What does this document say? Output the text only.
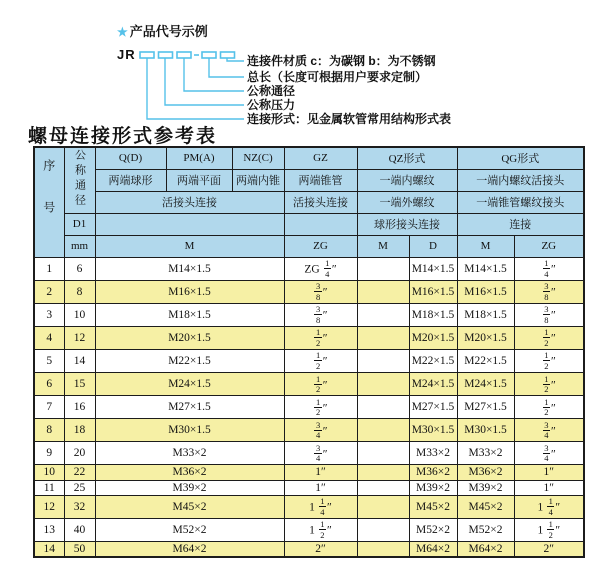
★ 产品代号示例
JR	连接件材质 c：为碳钢 b：为不锈钢
总长（长度可根据用户要求定制）
公称通径
公称压力
连接形式：见金属软管常用结构形式表
螺母连接形式参考表
序号	公称通径	Q(D)	PM(A)	NZ(C)	GZ	QZ形式		QG形式	
		两端球形	两端平面	两端内锥	两端锥管	一端内螺纹		一端内螺纹活接头	
		活接头连接			活接头连接	一端外螺纹		一端锥管螺纹接头	
	D1					球形接头连接		连接	
	mm	M			ZG	M	D	M	ZG
1	6	M14×1.5			ZG $\frac{1}{4}$ ″		M14×1.5	M14×1.5	$\frac{1}{4}$ ″
2	8	M16×1.5			$\frac{3}{8}$ ″		M16×1.5	M16×1.5	$\frac{3}{8}$ ″
3	10	M18×1.5			$\frac{3}{8}$ ″		M18×1.5	M18×1.5	$\frac{3}{8}$ ″
4	12	M20×1.5			$\frac{1}{2}$ ″		M20×1.5	M20×1.5	$\frac{1}{2}$ ″
5	14	M22×1.5			$\frac{1}{2}$ ″		M22×1.5	M22×1.5	$\frac{1}{2}$ ″
6	15	M24×1.5			$\frac{1}{2}$ ″		M24×1.5	M24×1.5	$\frac{1}{2}$ ″
7	16	M27×1.5			$\frac{1}{2}$ ″		M27×1.5	M27×1.5	$\frac{1}{2}$ ″
8	18	M30×1.5			$\frac{3}{4}$ ″		M30×1.5	M30×1.5	$\frac{3}{4}$ ″
9	20	M33×2			$\frac{3}{4}$ ″		M33×2	M33×2	$\frac{3}{4}$ ″
10	22	M36×2			1″		M36×2	M36×2	1″
11	25	M39×2			1″		M39×2	M39×2	1″
12	32	M45×2			$1 \frac{1}{4}$ ″		M45×2	M45×2	$1 \frac{1}{4}$ ″
13	40	M52×2			$1 \frac{1}{2}$ ″		M52×2	M52×2	$1 \frac{1}{2}$ ″
14	50	M64×2			2″		M64×2	M64×2	2″
